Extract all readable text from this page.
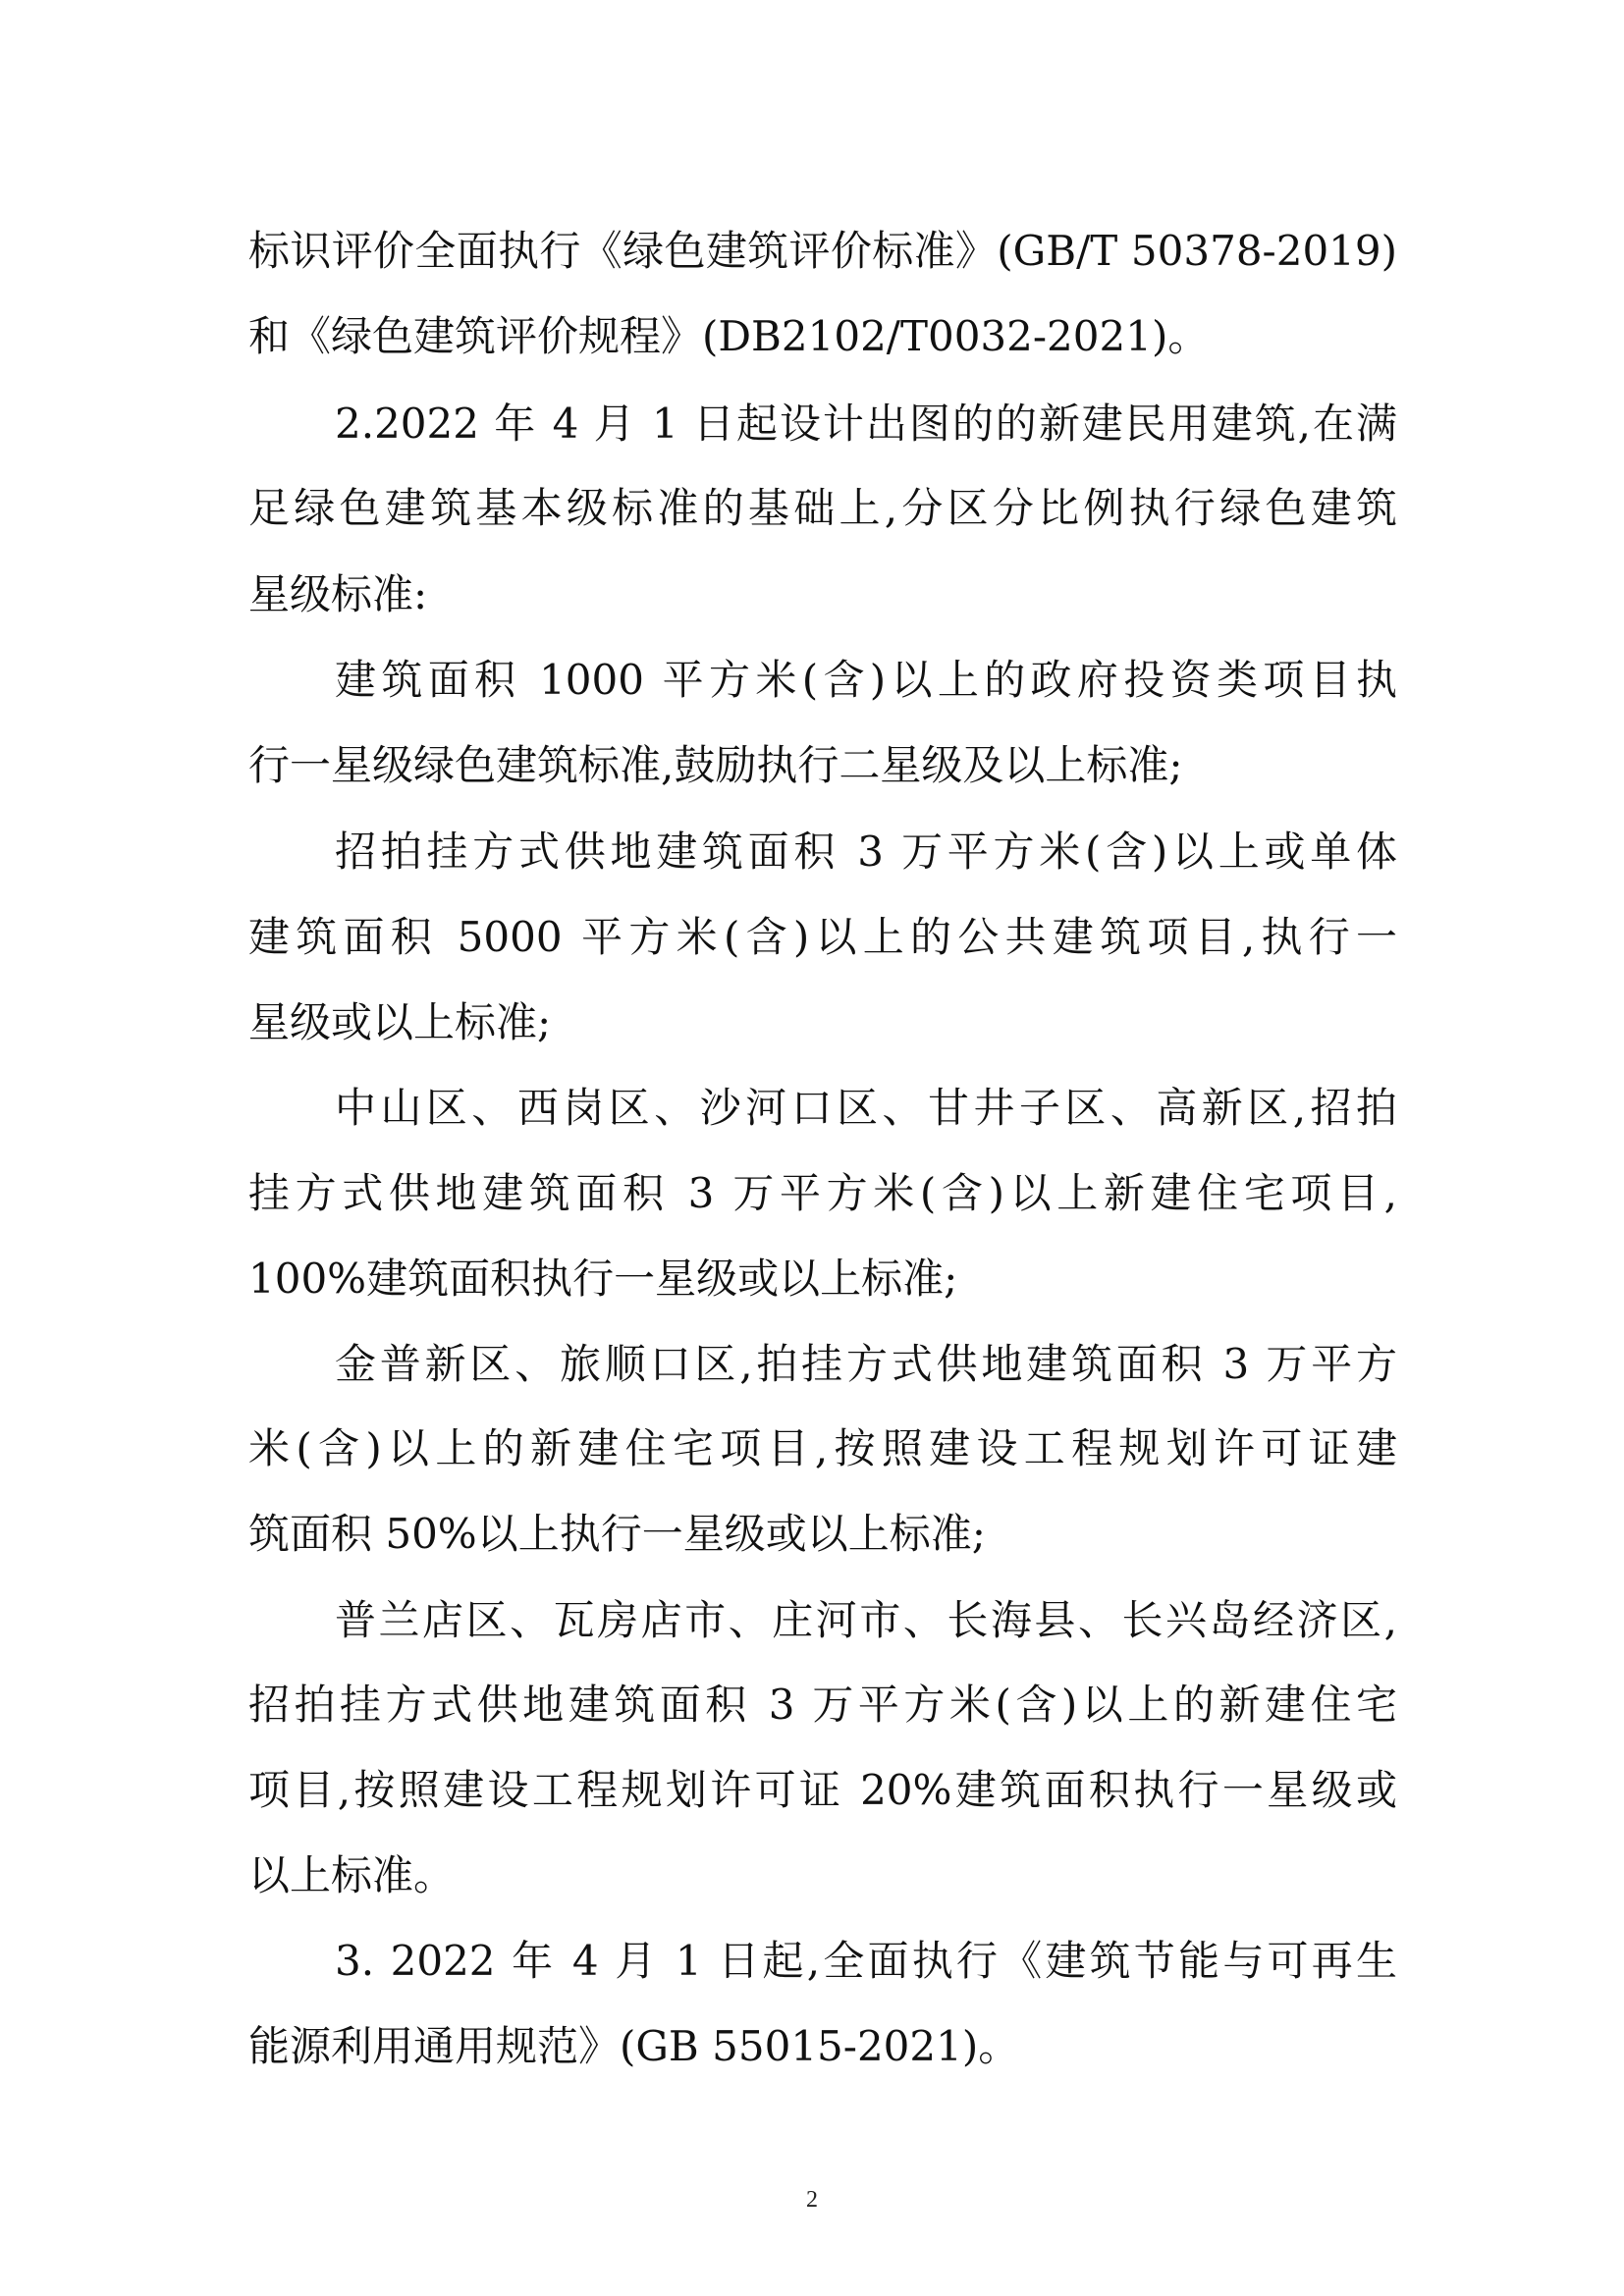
标识评价全面执行《绿色建筑评价标准》(GB/T 50378-2019)
和《绿色建筑评价规程》(DB2102/T0032-2021)。
2.2022 年 4 月 1 日起设计出图的的新建民用建筑,在满
足绿色建筑基本级标准的基础上,分区分比例执行绿色建筑
星级标准:
建筑面积 1000 平方米(含)以上的政府投资类项目执
行一星级绿色建筑标准,鼓励执行二星级及以上标准;
招拍挂方式供地建筑面积 3 万平方米(含)以上或单体
建筑面积 5000 平方米(含)以上的公共建筑项目,执行一
星级或以上标准;
中山区、西岗区、沙河口区、甘井子区、高新区,招拍
挂方式供地建筑面积 3 万平方米(含)以上新建住宅项目,
100%建筑面积执行一星级或以上标准;
金普新区、旅顺口区,拍挂方式供地建筑面积 3 万平方
米(含)以上的新建住宅项目,按照建设工程规划许可证建
筑面积 50%以上执行一星级或以上标准;
普兰店区、瓦房店市、庄河市、长海县、长兴岛经济区,
招拍挂方式供地建筑面积 3 万平方米(含)以上的新建住宅
项目,按照建设工程规划许可证 20%建筑面积执行一星级或
以上标准。
3. 2022 年 4 月 1 日起,全面执行《建筑节能与可再生
能源利用通用规范》(GB 55015-2021)。
2
